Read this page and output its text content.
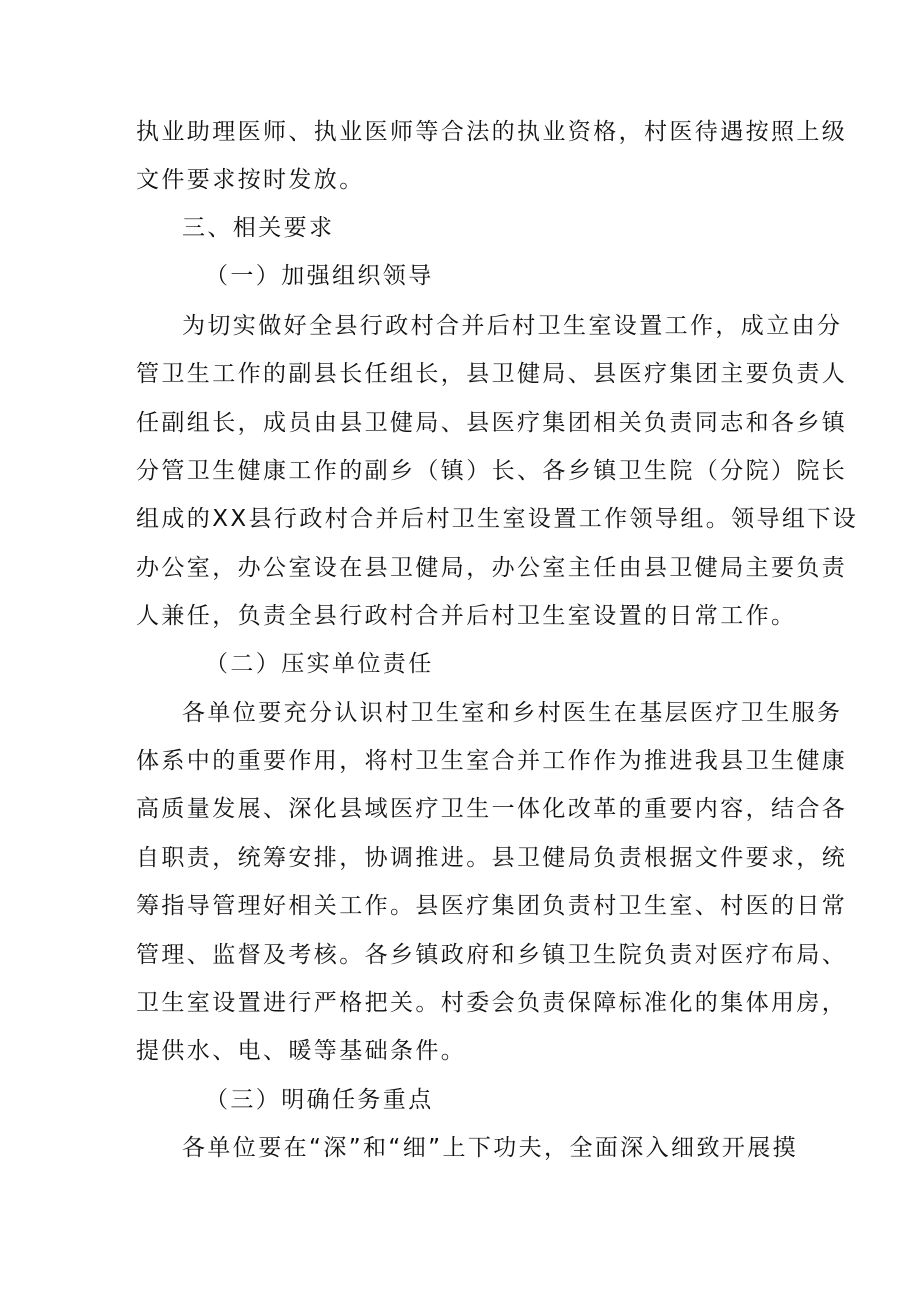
执业助理医师、执业医师等合法的执业资格，村医待遇按照上级
文件要求按时发放。
三、相关要求
（一）加强组织领导
为切实做好全县行政村合并后村卫生室设置工作，成立由分
管卫生工作的副县长任组长，县卫健局、县医疗集团主要负责人
任副组长，成员由县卫健局、县医疗集团相关负责同志和各乡镇
分管卫生健康工作的副乡（镇）长、各乡镇卫生院（分院）院长
组成的XX县行政村合并后村卫生室设置工作领导组。领导组下设
办公室，办公室设在县卫健局，办公室主任由县卫健局主要负责
人兼任，负责全县行政村合并后村卫生室设置的日常工作。
（二）压实单位责任
各单位要充分认识村卫生室和乡村医生在基层医疗卫生服务
体系中的重要作用，将村卫生室合并工作作为推进我县卫生健康
高质量发展、深化县域医疗卫生一体化改革的重要内容，结合各
自职责，统筹安排，协调推进。县卫健局负责根据文件要求，统
筹指导管理好相关工作。县医疗集团负责村卫生室、村医的日常
管理、监督及考核。各乡镇政府和乡镇卫生院负责对医疗布局、
卫生室设置进行严格把关。村委会负责保障标准化的集体用房，
提供水、电、暖等基础条件。
（三）明确任务重点
各单位要在“深”和“细”上下功夫，全面深入细致开展摸
